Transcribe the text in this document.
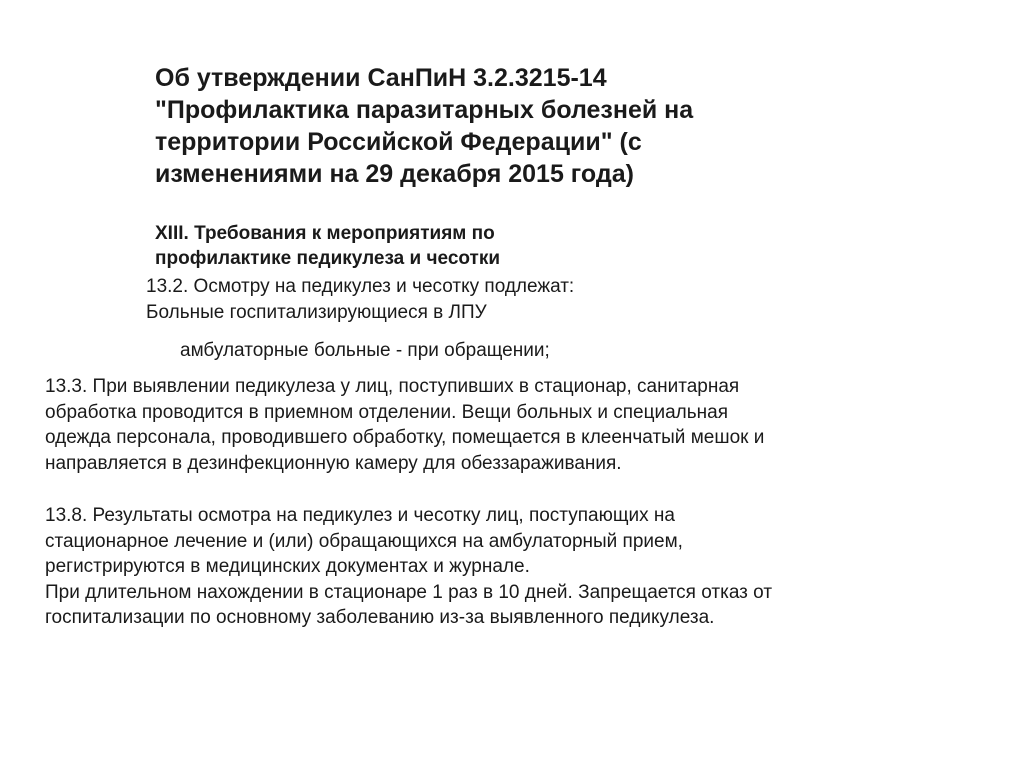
Об утверждении СанПиН 3.2.3215-14
"Профилактика паразитарных болезней на
территории Российской Федерации" (с
изменениями на 29 декабря 2015 года)
XIII. Требования к мероприятиям по
профилактике педикулеза и чесотки
13.2. Осмотру на педикулез и чесотку подлежат:
Больные госпитализирующиеся в ЛПУ
амбулаторные больные - при обращении;
13.3. При выявлении педикулеза у лиц, поступивших в стационар, санитарная
обработка проводится в приемном отделении. Вещи больных и специальная
одежда персонала, проводившего обработку, помещается в клеенчатый мешок и
направляется в дезинфекционную камеру для обеззараживания.
13.8. Результаты осмотра на педикулез и чесотку лиц, поступающих на
стационарное лечение и (или) обращающихся на амбулаторный прием,
регистрируются в медицинских документах и журнале.
При длительном нахождении в стационаре 1 раз в 10 дней. Запрещается отказ от
госпитализации по основному заболеванию из-за выявленного педикулеза.
